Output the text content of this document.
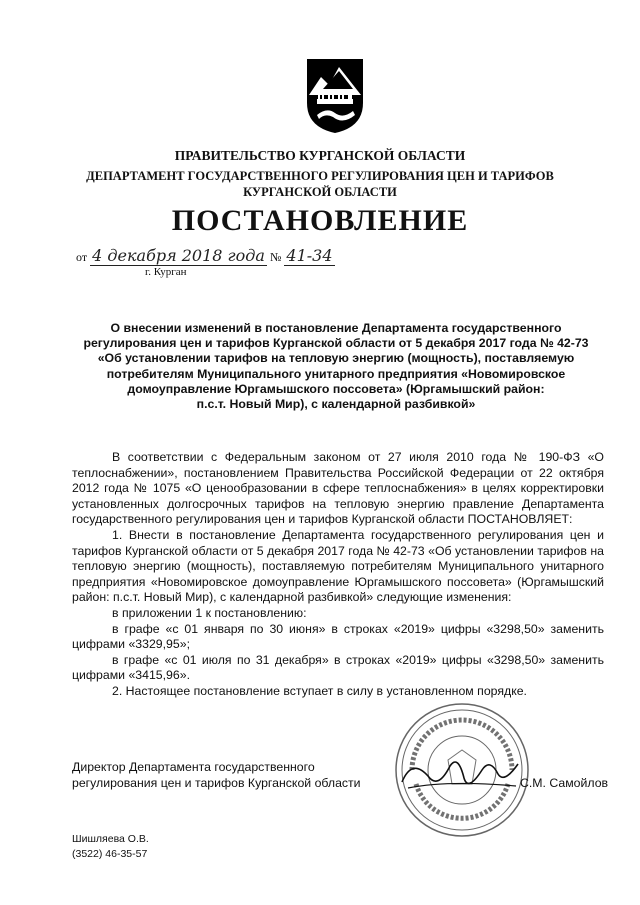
ПРАВИТЕЛЬСТВО КУРГАНСКОЙ ОБЛАСТИ
ДЕПАРТАМЕНТ ГОСУДАРСТВЕННОГО РЕГУЛИРОВАНИЯ ЦЕН И ТАРИФОВ
КУРГАНСКОЙ ОБЛАСТИ
ПОСТАНОВЛЕНИЕ
от 4 декабря 2018 года № 41-34
г. Курган
О внесении изменений в постановление Департамента государственного
регулирования цен и тарифов Курганской области от 5 декабря 2017 года № 42-73
«Об установлении тарифов на тепловую энергию (мощность), поставляемую
потребителям Муниципального унитарного предприятия «Новомировское
домоуправление Юргамышского поссовета» (Юргамышский район:
п.с.т. Новый Мир), с календарной разбивкой»

В соответствии с Федеральным законом от 27 июля 2010 года № 190-ФЗ «О теплоснабжении», постановлением Правительства Российской Федерации от 22 октября 2012 года № 1075 «О ценообразовании в сфере теплоснабжения» в целях корректировки установленных долгосрочных тарифов на тепловую энергию правление Департамента государственного регулирования цен и тарифов Курганской области ПОСТАНОВЛЯЕТ:

1. Внести в постановление Департамента государственного регулирования цен и тарифов Курганской области от 5 декабря 2017 года № 42-73 «Об установлении тарифов на тепловую энергию (мощность), поставляемую потребителям Муниципального унитарного предприятия «Новомировское домоуправление Юргамышского поссовета» (Юргамышский район: п.с.т. Новый Мир), с календарной разбивкой» следующие изменения:

в приложении 1 к постановлению:

в графе «с 01 января по 30 июня» в строках «2019» цифры «3298,50» заменить цифрами «3329,95»;

в графе «с 01 июля по 31 декабря» в строках «2019» цифры «3298,50» заменить цифрами «3415,96».

2. Настоящее постановление вступает в силу в установленном порядке.

Директор Департамента государственного
регулирования цен и тарифов Курганской области	С.М. Самойлов
Шишляева О.В.
(3522) 46-35-57
